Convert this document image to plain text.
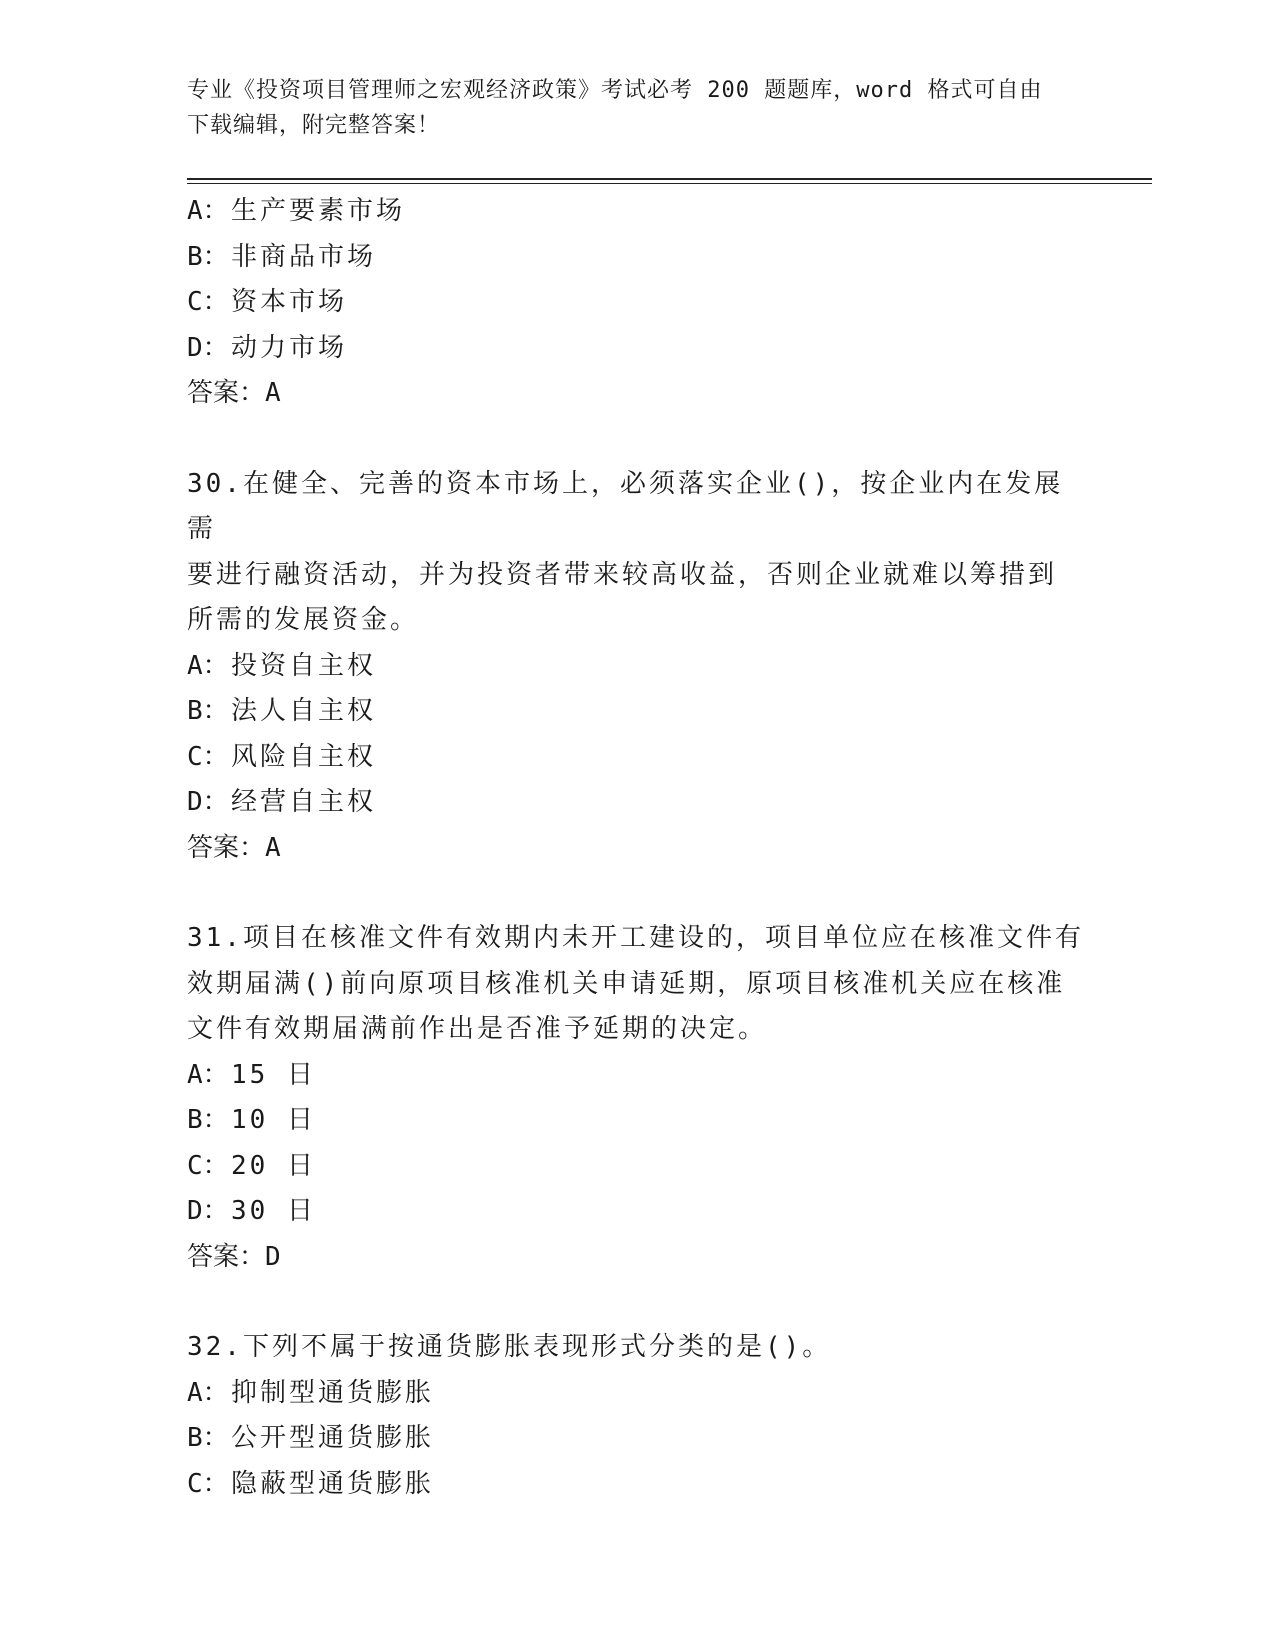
专业《投资项目管理师之宏观经济政策》考试必考 200 题题库，word 格式可自由
下载编辑，附完整答案！

A：生产要素市场

B：非商品市场

C：资本市场

D：动力市场

答案：A

30.在健全、完善的资本市场上，必须落实企业()，按企业内在发展需

要进行融资活动，并为投资者带来较高收益，否则企业就难以筹措到

所需的发展资金。

A：投资自主权

B：法人自主权

C：风险自主权

D：经营自主权

答案：A

31.项目在核准文件有效期内未开工建设的，项目单位应在核准文件有

效期届满()前向原项目核准机关申请延期，原项目核准机关应在核准

文件有效期届满前作出是否准予延期的决定。

A：15 日

B：10 日

C：20 日

D：30 日

答案：D

32.下列不属于按通货膨胀表现形式分类的是()。

A：抑制型通货膨胀

B：公开型通货膨胀

C：隐蔽型通货膨胀
